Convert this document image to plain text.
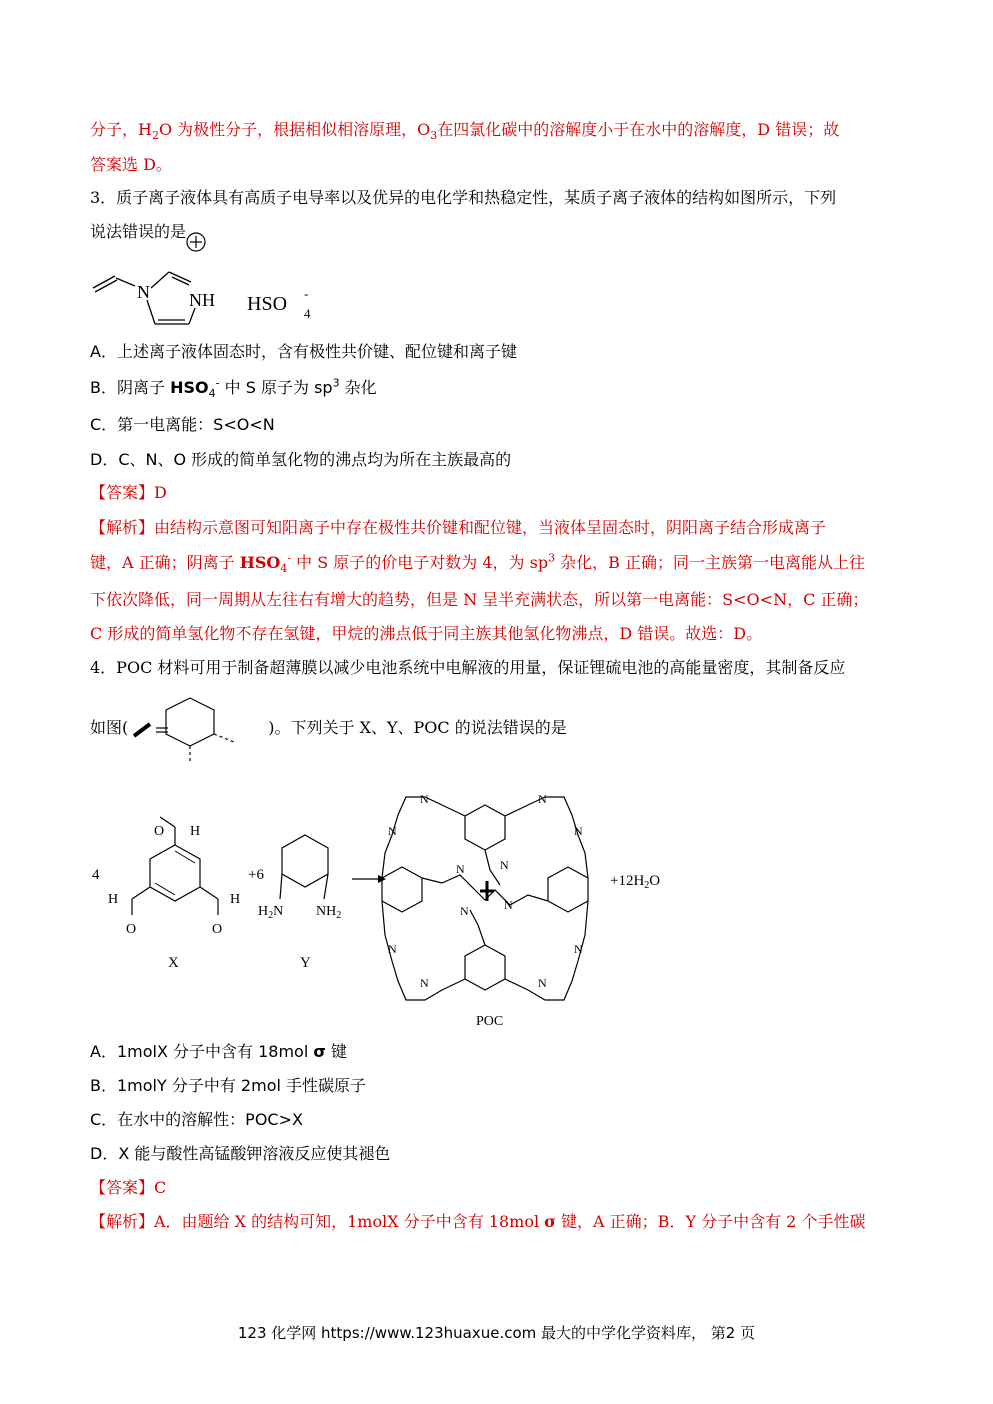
分子，$H_2O$ 为极性分子，根据相似相溶原理，$O_3$在四氯化碳中的溶解度小于在水中的溶解度，D 错误；故
答案选 D。
3．质子离子液体具有高质子电导率以及优异的电化学和热稳定性，某质子离子液体的结构如图所示，下列
说法错误的是
N NH HSO 4
-
A．上述离子液体固态时，含有极性共价键、配位键和离子键
B．阴离子 $HSO_4^-$ 中 S 原子为 $sp^3$ 杂化
C．第一电离能：S<O<N
D．C、N、O 形成的简单氢化物的沸点均为所在主族最高的
【答案】D
【解析】由结构示意图可知阳离子中存在极性共价键和配位键，当液体呈固态时，阴阳离子结合形成离子
键，A 正确；阴离子 $HSO_4^-$ 中 S 原子的价电子对数为 4，为 $sp^3$ 杂化，B 正确；同一主族第一电离能从上往
下依次降低，同一周期从左往右有增大的趋势，但是 N 呈半充满状态，所以第一电离能：S<O<N，C 正确；
C 形成的简单氢化物不存在氢键，甲烷的沸点低于同主族其他氢化物沸点，D 错误。故选：D。
4．POC 材料可用于制备超薄膜以减少电池系统中电解液的用量，保证锂硫电池的高能量密度，其制备反应
如图(	)。下列关于 X、Y、POC 的说法错误的是
4
O H
H
O
H
O
X
+6
$H_2N$ $NH_2$
Y
N	N
N	N
N
N
N
N
N	N
N	N
POC
$+12H_2O$
A．1molX 分子中含有 18mol σ 键
B．1molY 分子中有 2mol 手性碳原子
C．在水中的溶解性：POC>X
D．X 能与酸性高锰酸钾溶液反应使其褪色
【答案】C
【解析】A．由题给 X 的结构可知，1molX 分子中含有 18mol σ 键，A 正确；B．Y 分子中含有 2 个手性碳
123 化学网 https://www.123huaxue.com 最大的中学化学资料库， 第2 页
